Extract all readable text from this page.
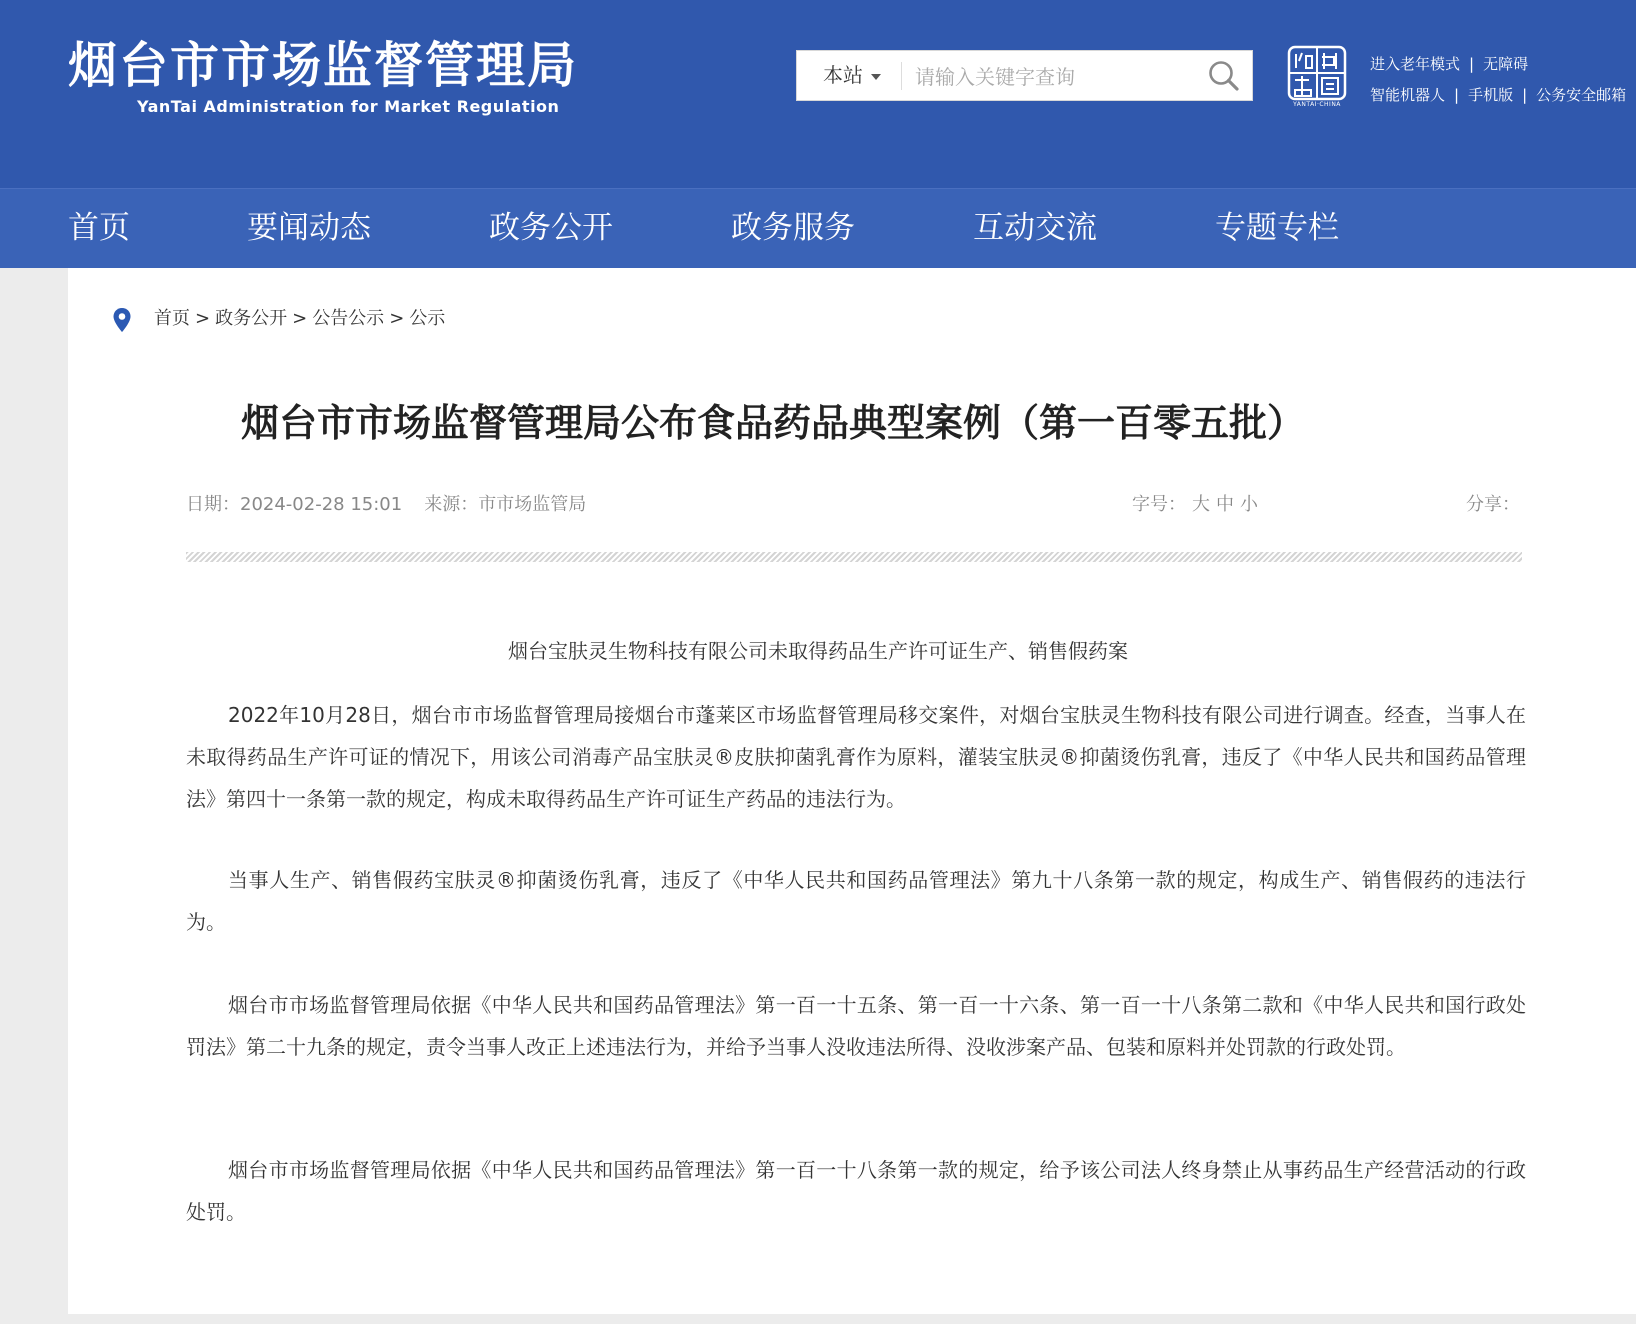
烟台市市场监督管理局
YanTai Administration for Market Regulation
本站
请输入关键字查询
YANTAI·CHINA
进入老年模式 | 无障碍
智能机器人 | 手机版 | 公务安全邮箱
首页	要闻动态	政务公开	政务服务	互动交流	专题专栏
首页 > 政务公开 > 公告公示 > 公示
烟台市市场监督管理局公布食品药品典型案例（第一百零五批）
日期：2024-02-28 15:01 来源：市市场监管局	字号： 大 中 小	分享：
烟台宝肤灵生物科技有限公司未取得药品生产许可证生产、销售假药案

2022年10月28日，烟台市市场监督管理局接烟台市蓬莱区市场监督管理局移交案件，对烟台宝肤灵生物科技有限公司进行调查。经查，当事人在未取得药品生产许可证的情况下，用该公司消毒产品宝肤灵®皮肤抑菌乳膏作为原料，灌装宝肤灵®抑菌烫伤乳膏，违反了《中华人民共和国药品管理法》第四十一条第一款的规定，构成未取得药品生产许可证生产药品的违法行为。

当事人生产、销售假药宝肤灵®抑菌烫伤乳膏，违反了《中华人民共和国药品管理法》第九十八条第一款的规定，构成生产、销售假药的违法行为。

烟台市市场监督管理局依据《中华人民共和国药品管理法》第一百一十五条、第一百一十六条、第一百一十八条第二款和《中华人民共和国行政处罚法》第二十九条的规定，责令当事人改正上述违法行为，并给予当事人没收违法所得、没收涉案产品、包装和原料并处罚款的行政处罚。

烟台市市场监督管理局依据《中华人民共和国药品管理法》第一百一十八条第一款的规定，给予该公司法人终身禁止从事药品生产经营活动的行政处罚。
